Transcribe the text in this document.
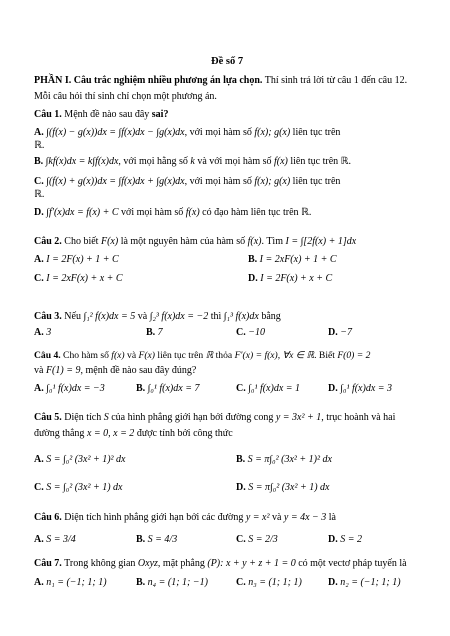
Đề số 7
PHẦN I. Câu trắc nghiệm nhiều phương án lựa chọn. Thí sinh trả lời từ câu 1 đến câu 12.
Mỗi câu hỏi thí sinh chỉ chọn một phương án.
Câu 1. Mệnh đề nào sau đây sai?
A. ∫(f(x) − g(x))dx = ∫f(x)dx − ∫g(x)dx, với mọi hàm số f(x); g(x) liên tục trên
ℝ.
B. ∫kf(x)dx = k∫f(x)dx, với mọi hằng số k và với mọi hàm số f(x) liên tục trên ℝ.
C. ∫(f(x) + g(x))dx = ∫f(x)dx + ∫g(x)dx, với mọi hàm số f(x); g(x) liên tục trên
ℝ.
D. ∫f′(x)dx = f(x) + C với mọi hàm số f(x) có đạo hàm liên tục trên ℝ.
Câu 2. Cho biết F(x) là một nguyên hàm của hàm số f(x). Tìm I = ∫[2f(x) + 1]dx
A. I = 2F(x) + 1 + C	B. I = 2xF(x) + 1 + C
C. I = 2xF(x) + x + C	D. I = 2F(x) + x + C
Câu 3. Nếu ∫₁² f(x)dx = 5 và ∫₂³ f(x)dx = −2 thì ∫₁³ f(x)dx bằng
A. 3	B. 7	C. −10	D. −7
Câu 4. Cho hàm số f(x) và F(x) liên tục trên ℝ thỏa F′(x) = f(x), ∀x ∈ ℝ. Biết F(0) = 2
và F(1) = 9, mệnh đề nào sau đây đúng?
A. ∫₀¹ f(x)dx = −3	B. ∫₀¹ f(x)dx = 7	C. ∫₀¹ f(x)dx = 1	D. ∫₀¹ f(x)dx = 3
Câu 5. Diện tích S của hình phẳng giới hạn bởi đường cong y = 3x² + 1, trục hoành và hai
đường thẳng x = 0, x = 2 được tính bởi công thức
A. S = ∫₀² (3x² + 1)² dx	B. S = π∫₀² (3x² + 1)² dx
C. S = ∫₀² (3x² + 1) dx	D. S = π∫₀² (3x² + 1) dx
Câu 6. Diện tích hình phẳng giới hạn bởi các đường y = x² và y = 4x − 3 là
A. S = 3/4	B. S = 4/3	C. S = 2/3	D. S = 2
Câu 7. Trong không gian Oxyz, mặt phẳng (P): x + y + z + 1 = 0 có một vectơ pháp tuyến là
A. n₁ = (−1; 1; 1)	B. n₄ = (1; 1; −1)	C. n₃ = (1; 1; 1)	D. n₂ = (−1; 1; 1)
